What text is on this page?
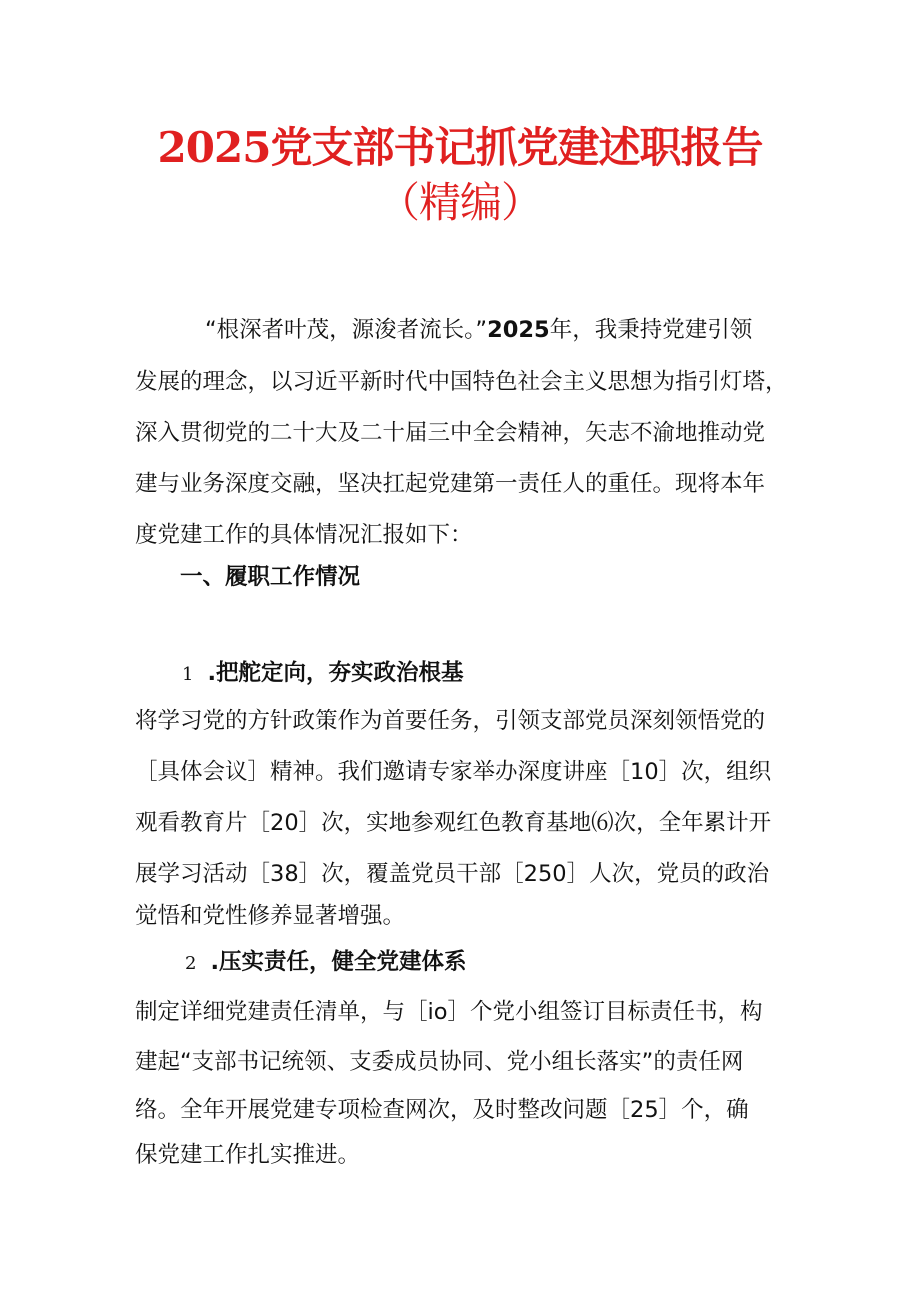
2025党支部书记抓党建述职报告
（精编）
“根深者叶茂，源浚者流长。”2025年，我秉持党建引领
发展的理念，以习近平新时代中国特色社会主义思想为指引灯塔，
深入贯彻党的二十大及二十届三中全会精神，矢志不渝地推动党
建与业务深度交融，坚决扛起党建第一责任人的重任。现将本年
度党建工作的具体情况汇报如下：
一、履职工作情况
1 .把舵定向，夯实政治根基
将学习党的方针政策作为首要任务，引领支部党员深刻领悟党的
［具体会议］精神。我们邀请专家举办深度讲座［10］次，组织
观看教育片［20］次，实地参观红色教育基地⑹次，全年累计开
展学习活动［38］次，覆盖党员干部［250］人次，党员的政治
觉悟和党性修养显著增强。
2 .压实责任，健全党建体系
制定详细党建责任清单，与［io］个党小组签订目标责任书，构
建起“支部书记统领、支委成员协同、党小组长落实”的责任网
络。全年开展党建专项检查网次，及时整改问题［25］个，确
保党建工作扎实推进。
